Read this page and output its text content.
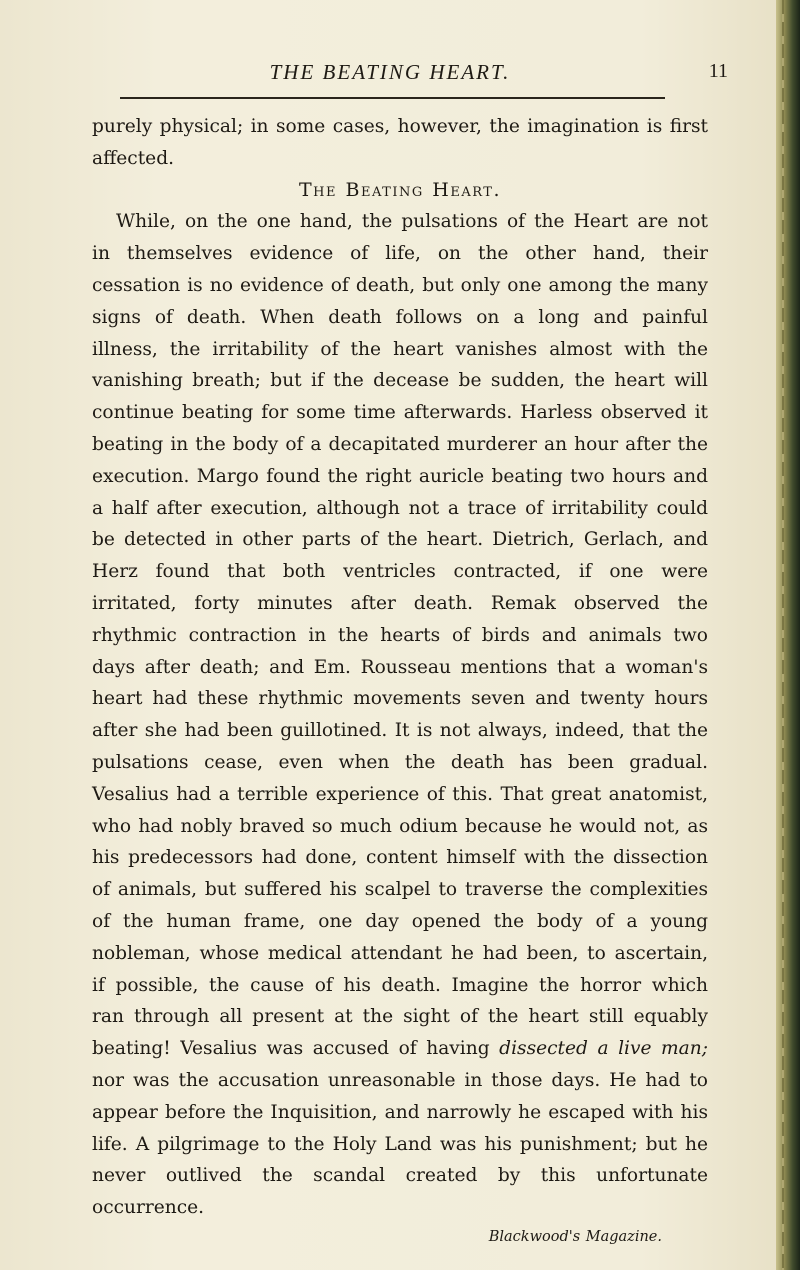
THE BEATING HEART.	11

purely physical; in some cases, however, the imagination is first affected.

The Beating Heart.

While, on the one hand, the pulsations of the Heart are not in themselves evidence of life, on the other hand, their cessation is no evidence of death, but only one among the many signs of death. When death follows on a long and painful illness, the irritability of the heart vanishes almost with the vanishing breath; but if the decease be sudden, the heart will continue beating for some time afterwards. Harless observed it beating in the body of a decapitated murderer an hour after the execution. Margo found the right auricle beating two hours and a half after execution, although not a trace of irritability could be detected in other parts of the heart. Dietrich, Gerlach, and Herz found that both ventricles contracted, if one were irritated, forty minutes after death. Remak observed the rhythmic contraction in the hearts of birds and animals two days after death; and Em. Rousseau mentions that a woman's heart had these rhythmic movements seven and twenty hours after she had been guillotined. It is not always, indeed, that the pulsations cease, even when the death has been gradual. Vesalius had a terrible experience of this. That great anatomist, who had nobly braved so much odium because he would not, as his predecessors had done, content himself with the dissection of animals, but suffered his scalpel to traverse the complexities of the human frame, one day opened the body of a young nobleman, whose medical attendant he had been, to ascertain, if possible, the cause of his death. Imagine the horror which ran through all present at the sight of the heart still equably beating! Vesalius was accused of having dissected a live man; nor was the accusation unreasonable in those days. He had to appear before the Inquisition, and narrowly he escaped with his life. A pilgrimage to the Holy Land was his punishment; but he never outlived the scandal created by this unfortunate occurrence.

Blackwood's Magazine.
